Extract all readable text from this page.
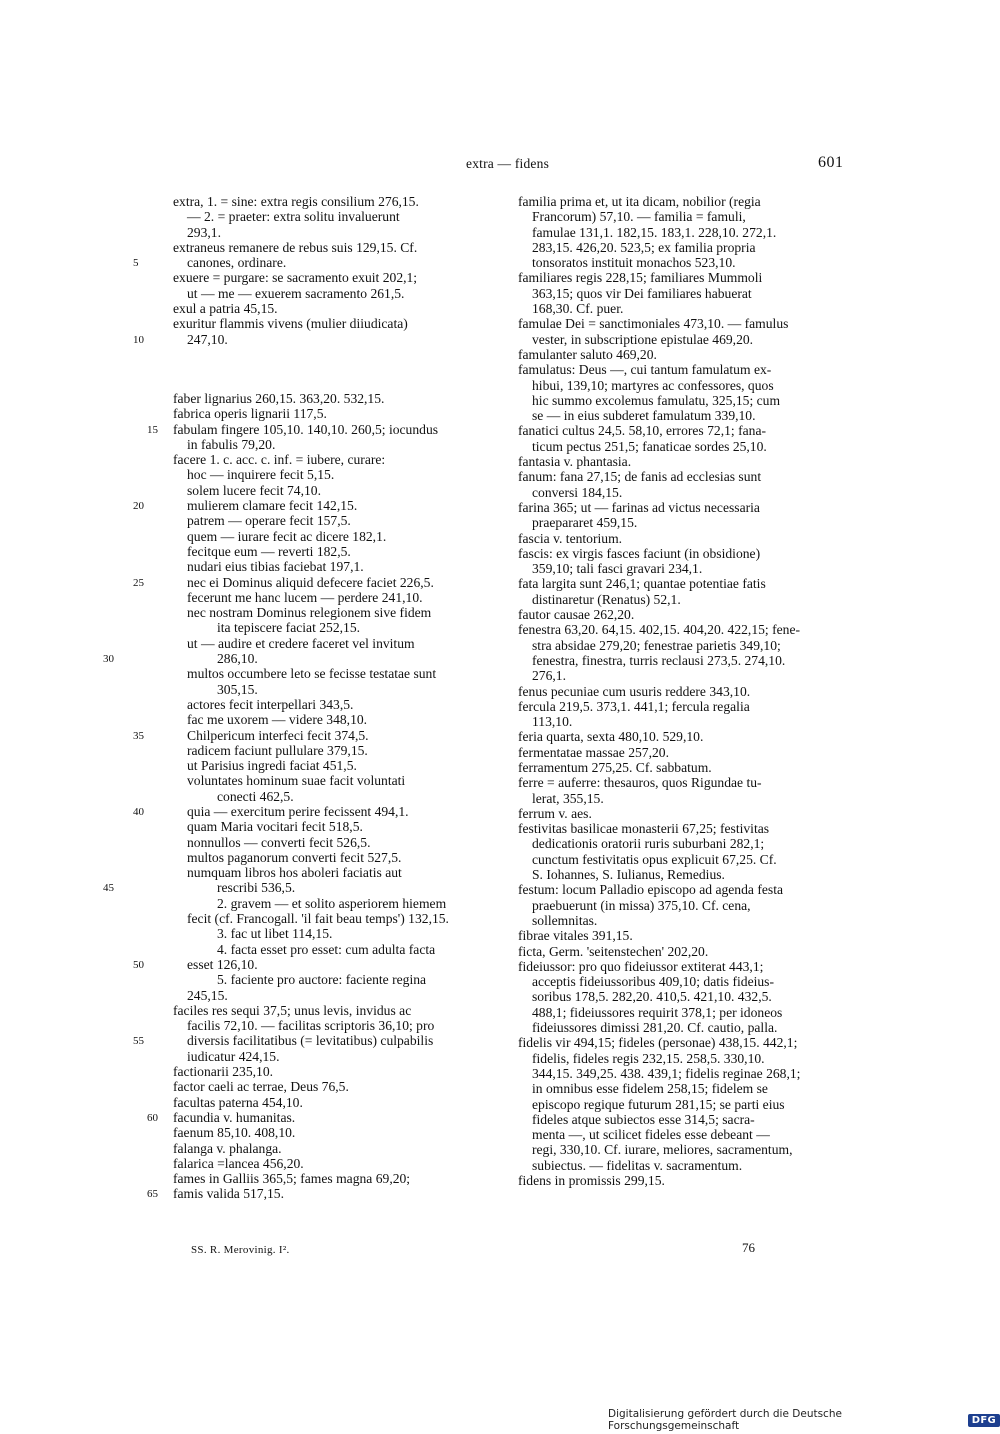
extra — fidens	601
extra, 1. = sine: extra regis consilium 276,15.
— 2. = praeter: extra solitu invaluerunt
293,1.
extraneus remanere de rebus suis 129,15. Cf.
canones, ordinare.
5
exuere = purgare: se sacramento exuit 202,1;
ut — me — exuerem sacramento 261,5.
exul a patria 45,15.
exuritur flammis vivens (mulier diiudicata)
247,10.
10
faber lignarius 260,15. 363,20. 532,15.
fabrica operis lignarii 117,5.
fabulam fingere 105,10. 140,10. 260,5; iocundus
15
in fabulis 79,20.
facere 1. c. acc. c. inf. = iubere, curare:
hoc — inquirere fecit 5,15.
solem lucere fecit 74,10.
mulierem clamare fecit 142,15.
20
patrem — operare fecit 157,5.
quem — iurare fecit ac dicere 182,1.
fecitque eum — reverti 182,5.
nudari eius tibias faciebat 197,1.
nec ei Dominus aliquid defecere faciet 226,5.
25
fecerunt me hanc lucem — perdere 241,10.
nec nostram Dominus relegionem sive fidem
ita tepiscere faciat 252,15.
ut — audire et credere faceret vel invitum
286,10.
30
multos occumbere leto se fecisse testatae sunt
305,15.
actores fecit interpellari 343,5.
fac me uxorem — videre 348,10.
Chilpericum interfeci fecit 374,5.
35
radicem faciunt pullulare 379,15.
ut Parisius ingredi faciat 451,5.
voluntates hominum suae facit voluntati
conecti 462,5.
quia — exercitum perire fecissent 494,1.
40
quam Maria vocitari fecit 518,5.
nonnullos — converti fecit 526,5.
multos paganorum converti fecit 527,5.
numquam libros hos aboleri faciatis aut
rescribi 536,5.
45
2. gravem — et solito asperiorem hiemem
fecit (cf. Francogall. 'il fait beau temps') 132,15.
3. fac ut libet 114,15.
4. facta esset pro esset: cum adulta facta
esset 126,10.
50
5. faciente pro auctore: faciente regina
245,15.
faciles res sequi 37,5; unus levis, invidus ac
facilis 72,10. — facilitas scriptoris 36,10; pro
diversis facilitatibus (= levitatibus) culpabilis
55
iudicatur 424,15.
factionarii 235,10.
factor caeli ac terrae, Deus 76,5.
facultas paterna 454,10.
facundia v. humanitas.
60
faenum 85,10. 408,10.
falanga v. phalanga.
falarica =lancea 456,20.
fames in Galliis 365,5; fames magna 69,20;
famis valida 517,15.
65
familia prima et, ut ita dicam, nobilior (regia
Francorum) 57,10. — familia = famuli,
famulae 131,1. 182,15. 183,1. 228,10. 272,1.
283,15. 426,20. 523,5; ex familia propria
tonsoratos instituit monachos 523,10.
familiares regis 228,15; familiares Mummoli
363,15; quos vir Dei familiares habuerat
168,30. Cf. puer.
famulae Dei = sanctimoniales 473,10. — famulus
vester, in subscriptione epistulae 469,20.
famulanter saluto 469,20.
famulatus: Deus —, cui tantum famulatum ex-
hibui, 139,10; martyres ac confessores, quos
hic summo excolemus famulatu, 325,15; cum
se — in eius subderet famulatum 339,10.
fanatici cultus 24,5. 58,10, errores 72,1; fana-
ticum pectus 251,5; fanaticae sordes 25,10.
fantasia v. phantasia.
fanum: fana 27,15; de fanis ad ecclesias sunt
conversi 184,15.
farina 365; ut — farinas ad victus necessaria
praepararet 459,15.
fascia v. tentorium.
fascis: ex virgis fasces faciunt (in obsidione)
359,10; tali fasci gravari 234,1.
fata largita sunt 246,1; quantae potentiae fatis
distinaretur (Renatus) 52,1.
fautor causae 262,20.
fenestra 63,20. 64,15. 402,15. 404,20. 422,15; fene-
stra absidae 279,20; fenestrae parietis 349,10;
fenestra, finestra, turris reclausi 273,5. 274,10.
276,1.
fenus pecuniae cum usuris reddere 343,10.
fercula 219,5. 373,1. 441,1; fercula regalia
113,10.
feria quarta, sexta 480,10. 529,10.
fermentatae massae 257,20.
ferramentum 275,25. Cf. sabbatum.
ferre = auferre: thesauros, quos Rigundae tu-
lerat, 355,15.
ferrum v. aes.
festivitas basilicae monasterii 67,25; festivitas
dedicationis oratorii ruris suburbani 282,1;
cunctum festivitatis opus explicuit 67,25. Cf.
S. Iohannes, S. Iulianus, Remedius.
festum: locum Palladio episcopo ad agenda festa
praebuerunt (in missa) 375,10. Cf. cena,
sollemnitas.
fibrae vitales 391,15.
ficta, Germ. 'seitenstechen' 202,20.
fideiussor: pro quo fideiussor extiterat 443,1;
acceptis fideiussoribus 409,10; datis fideius-
soribus 178,5. 282,20. 410,5. 421,10. 432,5.
488,1; fideiussores requirit 378,1; per idoneos
fideiussores dimissi 281,20. Cf. cautio, palla.
fidelis vir 494,15; fideles (personae) 438,15. 442,1;
fidelis, fideles regis 232,15. 258,5. 330,10.
344,15. 349,25. 438. 439,1; fidelis reginae 268,1;
in omnibus esse fidelem 258,15; fidelem se
episcopo regique futurum 281,15; se parti eius
fideles atque subiectos esse 314,5; sacra-
menta —, ut scilicet fideles esse debeant —
regi, 330,10. Cf. iurare, meliores, sacramentum,
subiectus. — fidelitas v. sacramentum.
fidens in promissis 299,15.
SS. R. Merovinig. I².	76
Digitalisierung gefördert durch die Deutsche Forschungsgemeinschaft	DFG
